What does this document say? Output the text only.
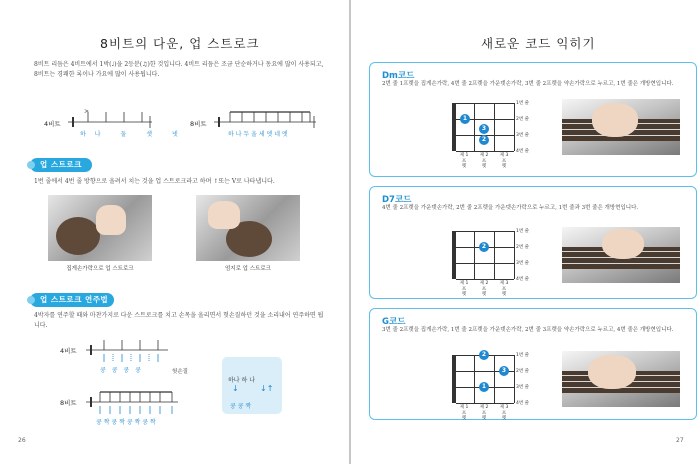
8비트의 다운, 업 스트로크
8비트 리듬은 4비트에서 1박(♩)을 2등분(♫)한 것입니다. 4비트 리듬은 조금 단순하거나 동요에 많이 사용되고, 8비트는 경쾌한 록이나 가요에 많이 사용됩니다.
4비트
>
하나 둘 셋 넷
8비트
하 나 두 울 세 엣 네 엣
업 스트로크
1번 줄에서 4번 줄 방향으로 올려서 치는 것을 업 스트로크라고 하며 ↑또는 V로 나타냅니다.
집게손가락으로 업 스트로크	엄지로 업 스트로크
업 스트로크 연주법
4박자를 연주할 때와 마찬가지로 다운 스트로크를 치고 손목을 올리면서 헛손질하던 것을 소리내어 연주하면 됩니다.
4비트
쿵 쿵 쿵 쿵	헛손질
8비트
쿵 짝 쿵 짝 쿵 짝 쿵 짝
하나 하 나
쿵 쿵 짝
↓	↓↑
26
새로운 코드 익히기
Dm코드
2번 줄 1프렛을 집게손가락, 4번 줄 2프렛을 가운뎃손가락, 3번 줄 2프렛을 약손가락으로 누르고, 1번 줄은 개방현입니다.
1
3
2
1번 줄
2번 줄
3번 줄
4번 줄
제 1 프 렛
제 2 프 렛
제 3 프 렛
D7코드
4번 줄 2프렛을 가운뎃손가락, 2번 줄 2프렛을 가운뎃손가락으로 누르고, 1번 줄과 3번 줄은 개방현입니다.
2
1번 줄
2번 줄
3번 줄
4번 줄
제 1 프 렛
제 2 프 렛
제 3 프 렛
G코드
3번 줄 2프렛을 집게손가락, 1번 줄 2프렛을 가운뎃손가락, 2번 줄 3프렛을 약손가락으로 누르고, 4번 줄은 개방현입니다.
2
1
3
1번 줄
2번 줄
3번 줄
4번 줄
제 1 프 렛
제 2 프 렛
제 3 프 렛
27
